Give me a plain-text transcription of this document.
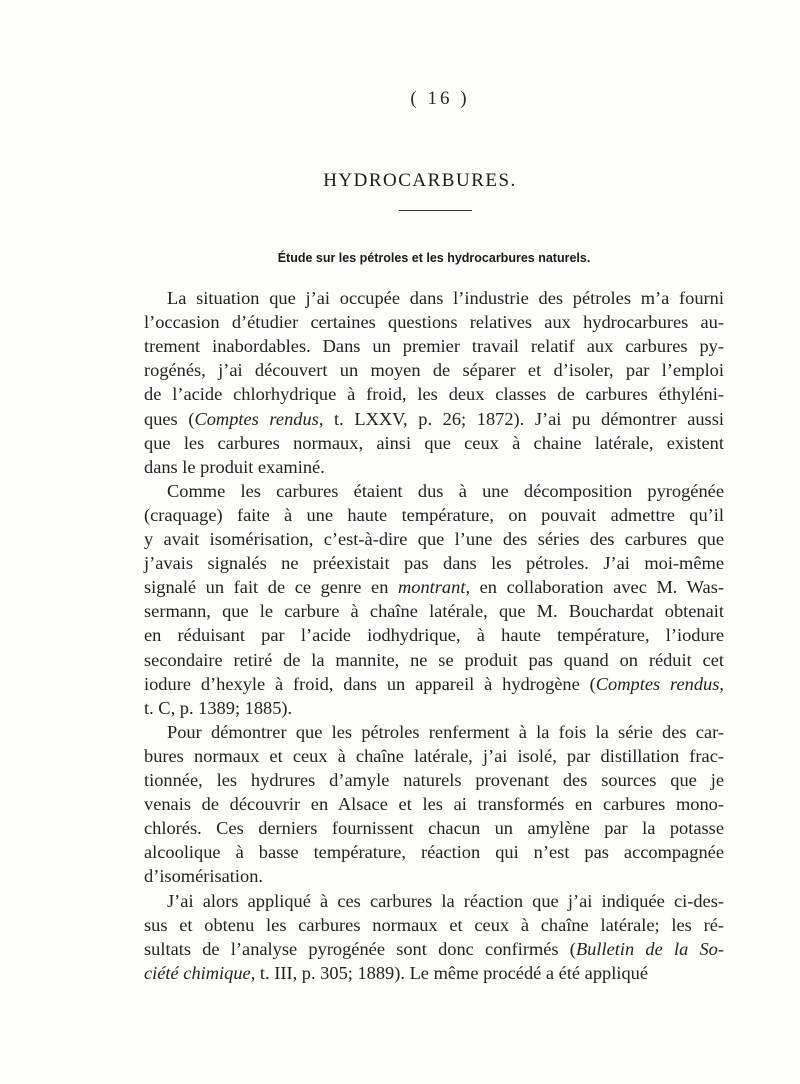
( 16 )
HYDROCARBURES.
Étude sur les pétroles et les hydrocarbures naturels.
La situation que j’ai occupée dans l’industrie des pétroles m’a fourni
l’occasion d’étudier certaines questions relatives aux hydrocarbures au-
trement inabordables. Dans un premier travail relatif aux carbures py-
rogénés, j’ai découvert un moyen de séparer et d’isoler, par l’emploi
de l’acide chlorhydrique à froid, les deux classes de carbures éthyléni-
ques (Comptes rendus, t. LXXV, p. 26; 1872). J’ai pu démontrer aussi
que les carbures normaux, ainsi que ceux à chaine latérale, existent
dans le produit examiné.
Comme les carbures étaient dus à une décomposition pyrogénée
(craquage) faite à une haute température, on pouvait admettre qu’il
y avait isomérisation, c’est-à-dire que l’une des séries des carbures que
j’avais signalés ne préexistait pas dans les pétroles. J’ai moi-même
signalé un fait de ce genre en montrant, en collaboration avec M. Was-
sermann, que le carbure à chaîne latérale, que M. Bouchardat obtenait
en réduisant par l’acide iodhydrique, à haute température, l’iodure
secondaire retiré de la mannite, ne se produit pas quand on réduit cet
iodure d’hexyle à froid, dans un appareil à hydrogène (Comptes rendus,
t. C, p. 1389; 1885).
Pour démontrer que les pétroles renferment à la fois la série des car-
bures normaux et ceux à chaîne latérale, j’ai isolé, par distillation frac-
tionnée, les hydrures d’amyle naturels provenant des sources que je
venais de découvrir en Alsace et les ai transformés en carbures mono-
chlorés. Ces derniers fournissent chacun un amylène par la potasse
alcoolique à basse température, réaction qui n’est pas accompagnée
d’isomérisation.
J’ai alors appliqué à ces carbures la réaction que j’ai indiquée ci-des-
sus et obtenu les carbures normaux et ceux à chaîne latérale; les ré-
sultats de l’analyse pyrogénée sont donc confirmés (Bulletin de la So-
ciété chimique, t. III, p. 305; 1889). Le même procédé a été appliqué
